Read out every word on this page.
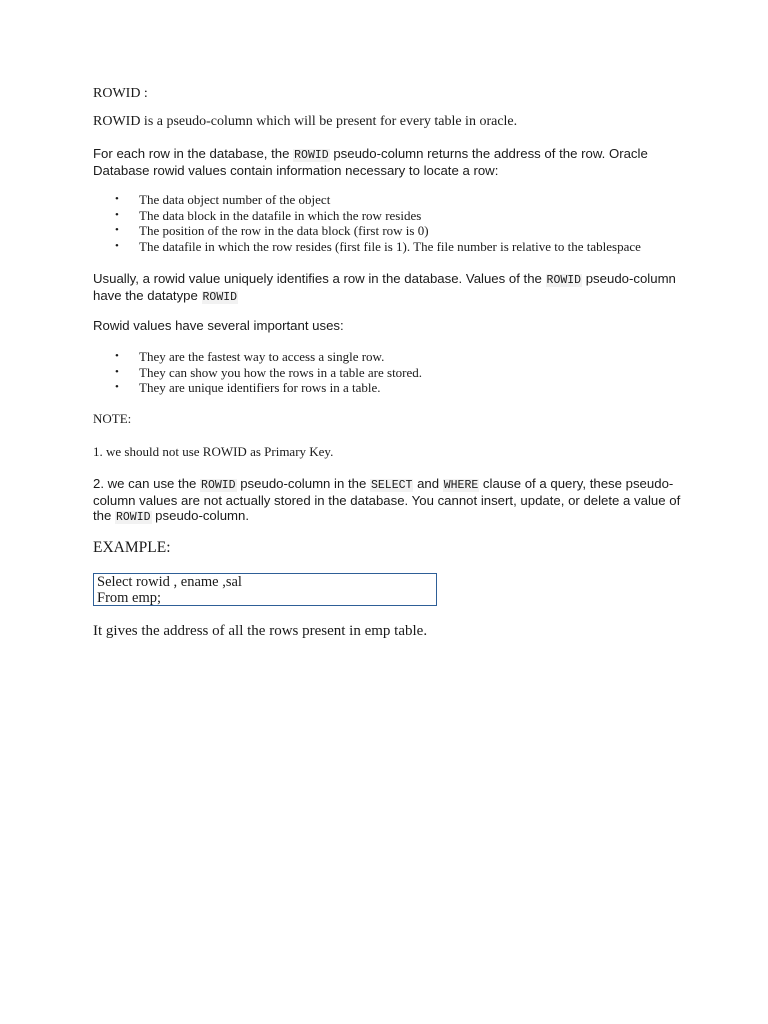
ROWID :

ROWID is a pseudo-column which will be present for every table in oracle.

For each row in the database, the ROWID pseudo-column returns the address of the row. Oracle Database rowid values contain information necessary to locate a row:

• The data object number of the object
• The data block in the datafile in which the row resides
• The position of the row in the data block (first row is 0)
• The datafile in which the row resides (first file is 1). The file number is relative to the tablespace

Usually, a rowid value uniquely identifies a row in the database. Values of the ROWID pseudo-column have the datatype ROWID

Rowid values have several important uses:

• They are the fastest way to access a single row.
• They can show you how the rows in a table are stored.
• They are unique identifiers for rows in a table.

NOTE:

1. we should not use ROWID as Primary Key.

2. we can use the ROWID pseudo-column in the SELECT and WHERE clause of a query, these pseudo-column values are not actually stored in the database. You cannot insert, update, or delete a value of the ROWID pseudo-column.

EXAMPLE:

Select rowid , ename ,sal
From emp;

It gives the address of all the rows present in emp table.
